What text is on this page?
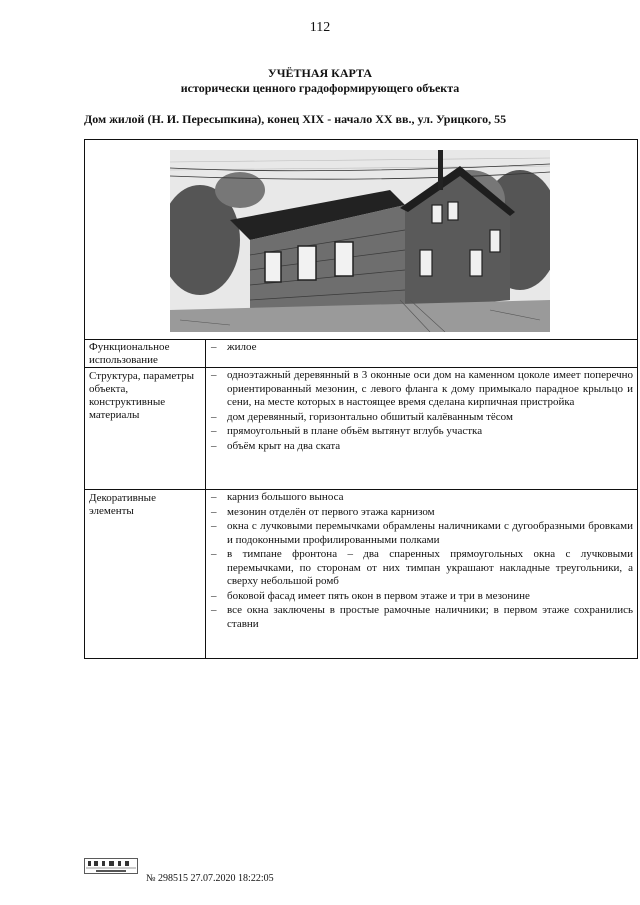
112
УЧЁТНАЯ КАРТА
исторически ценного градоформирующего объекта
Дом жилой (Н. И. Пересыпкина), конец XIX - начало XX вв., ул. Урицкого, 55
Функциональное использование
– жилое
Структура, параметры объекта, конструктивные материалы
– одноэтажный деревянный в 3 оконные оси дом на каменном цоколе имеет поперечно ориентированный мезонин, с левого фланга к дому примыкало парадное крыльцо и сени, на месте которых в настоящее время сделана кирпичная пристройка
– дом деревянный, горизонтально обшитый калёванным тёсом
– прямоугольный в плане объём вытянут вглубь участка
– объём крыт на два ската
Декоративные элементы
– карниз большого выноса
– мезонин отделён от первого этажа карнизом
– окна с лучковыми перемычками обрамлены наличниками с дугообразными бровками и подоконными профилированными полками
– в тимпане фронтона – два спаренных прямоугольных окна с лучковыми перемычками, по сторонам от них тимпан украшают накладные треугольники, а сверху небольшой ромб
– боковой фасад имеет пять окон в первом этаже и три в мезонине
– все окна заключены в простые рамочные наличники; в первом этаже сохранились ставни
№ 298515 27.07.2020 18:22:05
